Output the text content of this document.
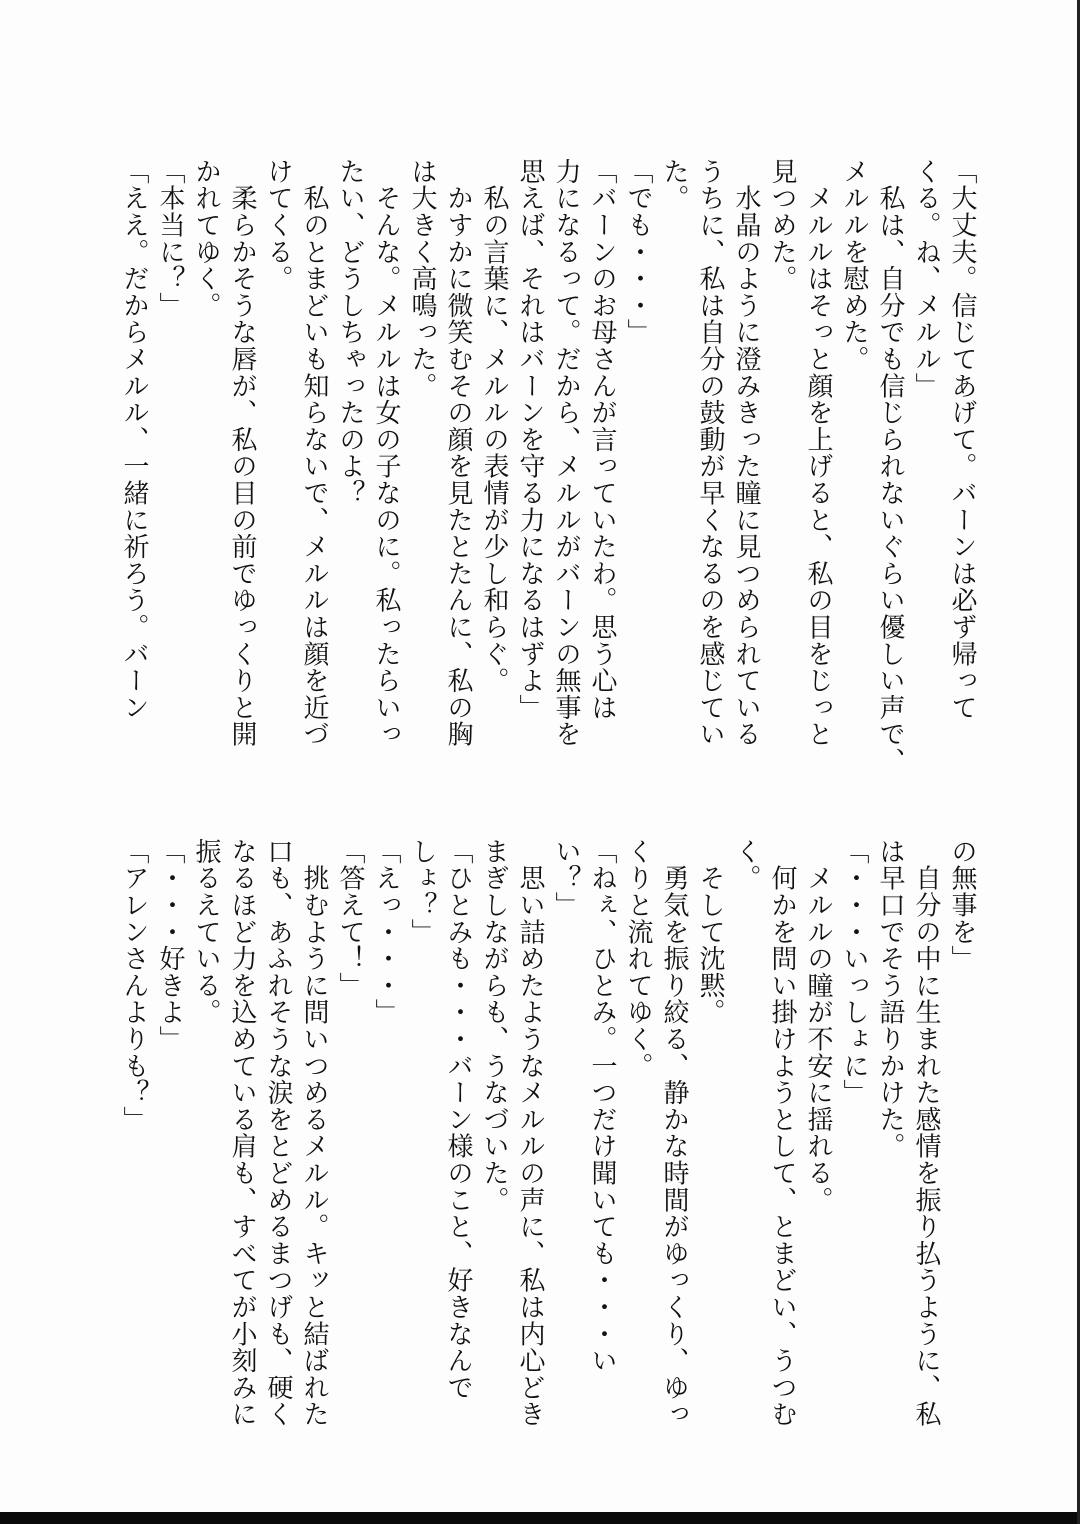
「大丈夫。信じてあげて。バーンは必ず帰って
くる。ね、メルル」
　私は、自分でも信じられないぐらい優しい声で、
メルルを慰めた。
　メルルはそっと顔を上げると、私の目をじっと
見つめた。
　水晶のように澄みきった瞳に見つめられている
うちに、私は自分の鼓動が早くなるのを感じてい
た。
「でも・・・」
「バーンのお母さんが言っていたわ。思う心は
力になるって。だから、メルルがバーンの無事を
思えば、それはバーンを守る力になるはずよ」
　私の言葉に、メルルの表情が少し和らぐ。
　かすかに微笑むその顔を見たとたんに、私の胸
は大きく高鳴った。
　そんな。メルルは女の子なのに。私ったらいっ
たい、どうしちゃったのよ？
　私のとまどいも知らないで、メルルは顔を近づ
けてくる。
　柔らかそうな唇が、私の目の前でゆっくりと開
かれてゆく。
「本当に？」
「ええ。だからメルル、一緒に祈ろう。バーン
の無事を」
　自分の中に生まれた感情を振り払うように、私
は早口でそう語りかけた。
「・・・いっしょに」
　メルルの瞳が不安に揺れる。
　何かを問い掛けようとして、とまどい、うつむ
く。
　そして沈黙。
　勇気を振り絞る、静かな時間がゆっくり、ゆっ
くりと流れてゆく。
「ねぇ、ひとみ。一つだけ聞いても・・・い
い？」
　思い詰めたようなメルルの声に、私は内心どき
まぎしながらも、うなづいた。
「ひとみも・・・バーン様のこと、好きなんで
しょ？」
「えっ・・・」
「答えて！」
　挑むように問いつめるメルル。キッと結ばれた
口も、あふれそうな涙をとどめるまつげも、硬く
なるほど力を込めている肩も、すべてが小刻みに
振るえている。
「・・・好きよ」
「アレンさんよりも？」
